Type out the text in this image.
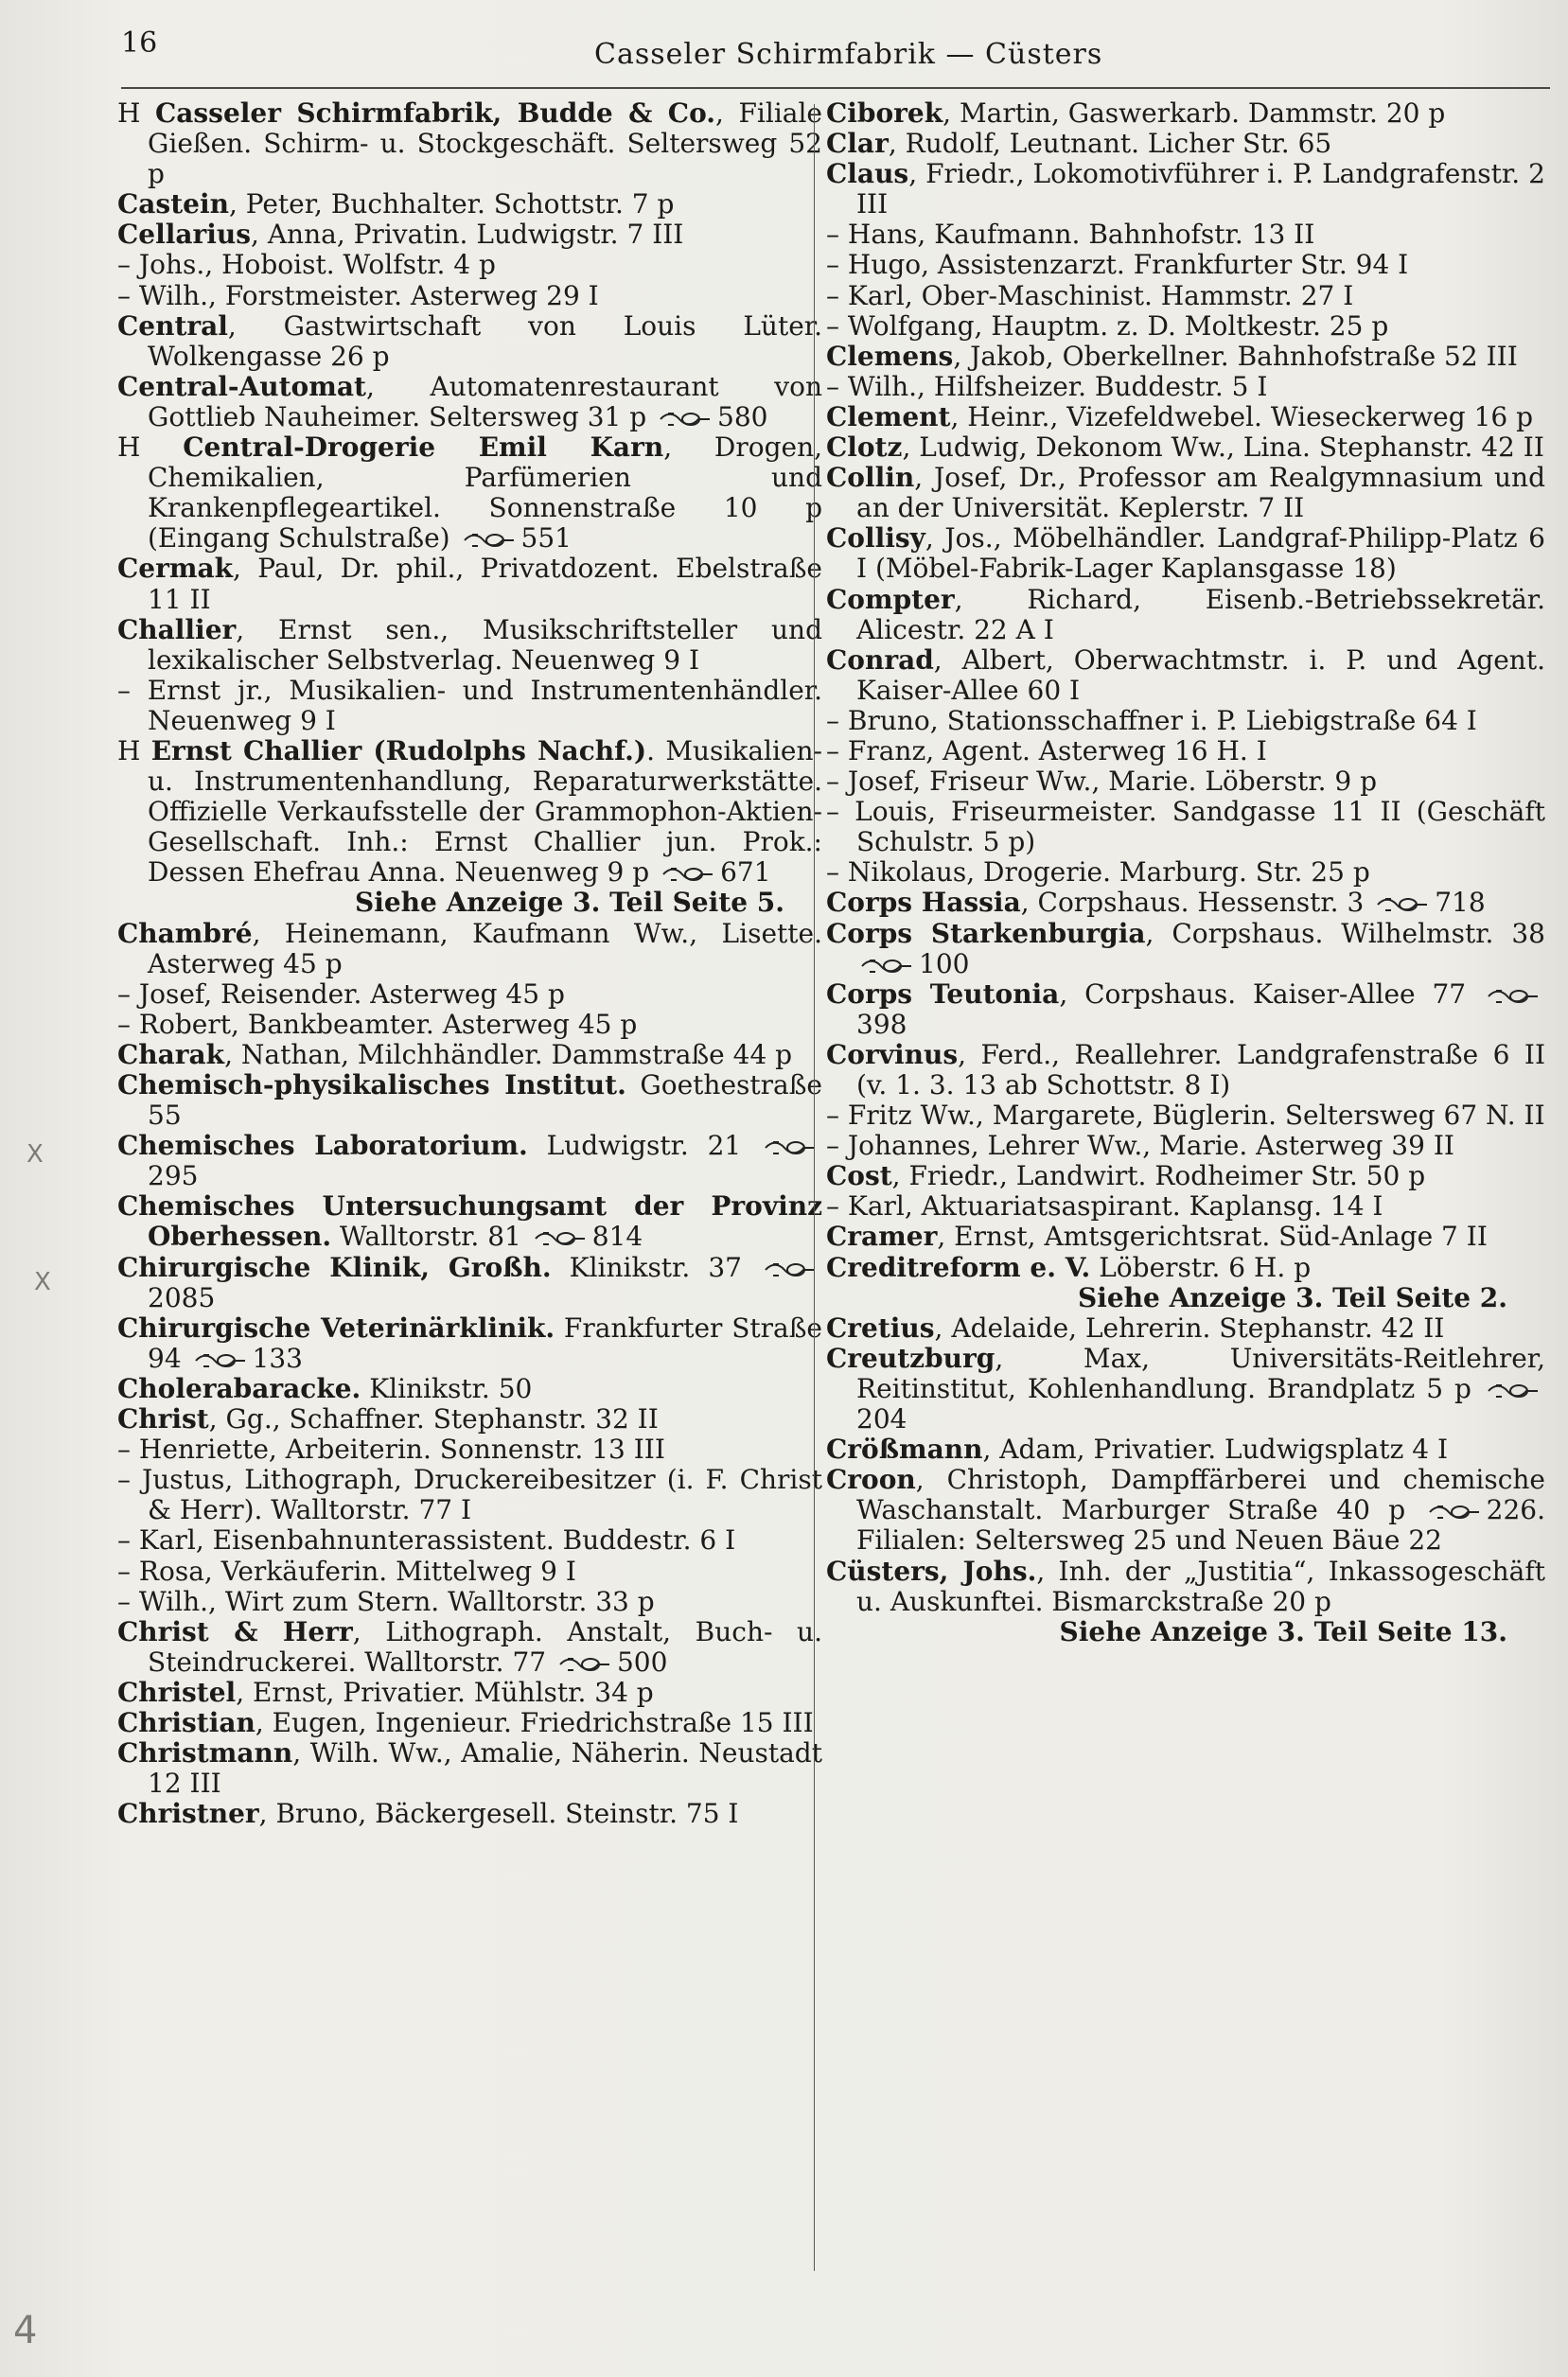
16	Casseler Schirmfabrik — Cüsters

H Casseler Schirmfabrik, Budde & Co., Filiale Gießen. Schirm- u. Stockgeschäft. Seltersweg 52 p

Castein, Peter, Buchhalter. Schottstr. 7 p

Cellarius, Anna, Privatin. Ludwigstr. 7 III

– Johs., Hoboist. Wolfstr. 4 p

– Wilh., Forstmeister. Asterweg 29 I

Central, Gastwirtschaft von Louis Lüter. Wolkengasse 26 p

Central-Automat, Automatenrestaurant von Gottlieb Nauheimer. Seltersweg 31 p 580

H Central-Drogerie Emil Karn, Drogen, Chemikalien, Parfümerien und Krankenpflegeartikel. Sonnenstraße 10 p (Eingang Schulstraße) 551

Cermak, Paul, Dr. phil., Privatdozent. Ebelstraße 11 II

Challier, Ernst sen., Musikschriftsteller und lexikalischer Selbstverlag. Neuenweg 9 I

– Ernst jr., Musikalien- und Instrumentenhändler. Neuenweg 9 I

H Ernst Challier (Rudolphs Nachf.). Musikalien- u. Instrumentenhandlung, Reparaturwerkstätte. Offizielle Verkaufsstelle der Grammophon-Aktien-Gesellschaft. Inh.: Ernst Challier jun. Prok.: Dessen Ehefrau Anna. Neuenweg 9 p 671

Siehe Anzeige 3. Teil Seite 5.

Chambré, Heinemann, Kaufmann Ww., Lisette. Asterweg 45 p

– Josef, Reisender. Asterweg 45 p

– Robert, Bankbeamter. Asterweg 45 p

Charak, Nathan, Milchhändler. Dammstraße 44 p

Chemisch-physikalisches Institut. Goethestraße 55

Chemisches Laboratorium. Ludwigstr. 21 295

Chemisches Untersuchungsamt der Provinz Oberhessen. Walltorstr. 81 814

Chirurgische Klinik, Großh. Klinikstr. 37 2085

Chirurgische Veterinärklinik. Frankfurter Straße 94 133

Cholerabaracke. Klinikstr. 50

Christ, Gg., Schaffner. Stephanstr. 32 II

– Henriette, Arbeiterin. Sonnenstr. 13 III

– Justus, Lithograph, Druckereibesitzer (i. F. Christ & Herr). Walltorstr. 77 I

– Karl, Eisenbahnunterassistent. Buddestr. 6 I

– Rosa, Verkäuferin. Mittelweg 9 I

– Wilh., Wirt zum Stern. Walltorstr. 33 p

Christ & Herr, Lithograph. Anstalt, Buch- u. Steindruckerei. Walltorstr. 77 500

Christel, Ernst, Privatier. Mühlstr. 34 p

Christian, Eugen, Ingenieur. Friedrichstraße 15 III

Christmann, Wilh. Ww., Amalie, Näherin. Neustadt 12 III

Christner, Bruno, Bäckergesell. Steinstr. 75 I

Ciborek, Martin, Gaswerkarb. Dammstr. 20 p

Clar, Rudolf, Leutnant. Licher Str. 65

Claus, Friedr., Lokomotivführer i. P. Landgrafenstr. 2 III

– Hans, Kaufmann. Bahnhofstr. 13 II

– Hugo, Assistenzarzt. Frankfurter Str. 94 I

– Karl, Ober-Maschinist. Hammstr. 27 I

– Wolfgang, Hauptm. z. D. Moltkestr. 25 p

Clemens, Jakob, Oberkellner. Bahnhofstraße 52 III

– Wilh., Hilfsheizer. Buddestr. 5 I

Clement, Heinr., Vizefeldwebel. Wieseckerweg 16 p

Clotz, Ludwig, Dekonom Ww., Lina. Stephanstr. 42 II

Collin, Josef, Dr., Professor am Realgymnasium und an der Universität. Keplerstr. 7 II

Collisy, Jos., Möbelhändler. Landgraf-Philipp-Platz 6 I (Möbel-Fabrik-Lager Kaplansgasse 18)

Compter, Richard, Eisenb.-Betriebssekretär. Alicestr. 22 A I

Conrad, Albert, Oberwachtmstr. i. P. und Agent. Kaiser-Allee 60 I

– Bruno, Stationsschaffner i. P. Liebigstraße 64 I

– Franz, Agent. Asterweg 16 H. I

– Josef, Friseur Ww., Marie. Löberstr. 9 p

– Louis, Friseurmeister. Sandgasse 11 II (Geschäft Schulstr. 5 p)

– Nikolaus, Drogerie. Marburg. Str. 25 p

Corps Hassia, Corpshaus. Hessenstr. 3 718

Corps Starkenburgia, Corpshaus. Wilhelmstr. 38 100

Corps Teutonia, Corpshaus. Kaiser-Allee 77 398

Corvinus, Ferd., Reallehrer. Landgrafenstraße 6 II (v. 1. 3. 13 ab Schottstr. 8 I)

– Fritz Ww., Margarete, Büglerin. Seltersweg 67 N. II

– Johannes, Lehrer Ww., Marie. Asterweg 39 II

Cost, Friedr., Landwirt. Rodheimer Str. 50 p

– Karl, Aktuariatsaspirant. Kaplansg. 14 I

Cramer, Ernst, Amtsgerichtsrat. Süd-Anlage 7 II

Creditreform e. V. Löberstr. 6 H. p

Siehe Anzeige 3. Teil Seite 2.

Cretius, Adelaide, Lehrerin. Stephanstr. 42 II

Creutzburg, Max, Universitäts-Reitlehrer, Reitinstitut, Kohlenhandlung. Brandplatz 5 p 204

Crößmann, Adam, Privatier. Ludwigsplatz 4 I

Croon, Christoph, Dampffärberei und chemische Waschanstalt. Marburger Straße 40 p 226. Filialen: Seltersweg 25 und Neuen Bäue 22

Cüsters, Johs., Inh. der „Justitia“, Inkassogeschäft u. Auskunftei. Bismarckstraße 20 p

Siehe Anzeige 3. Teil Seite 13.

X
X
4
